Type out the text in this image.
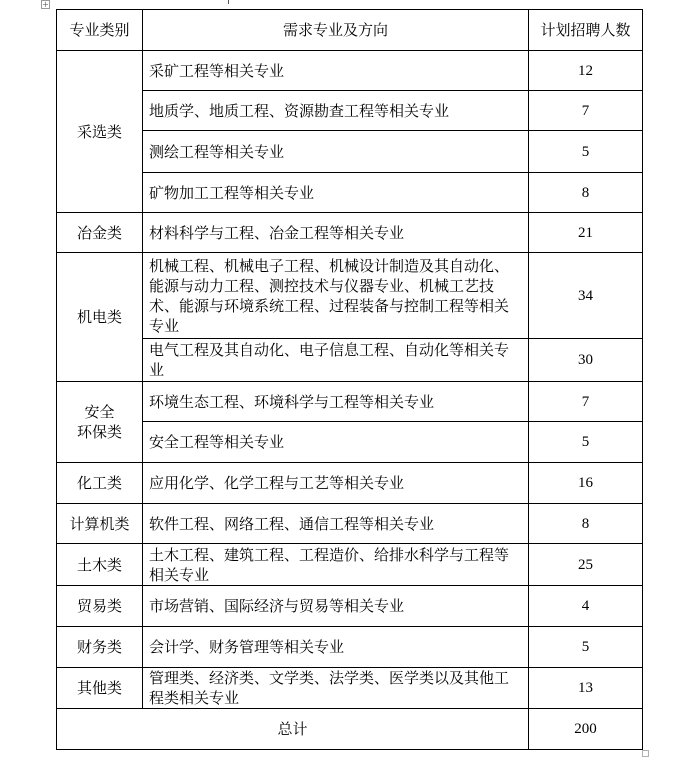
+
专业类别	需求专业及方向	计划招聘人数
采选类	采矿工程等相关专业	12
	地质学、地质工程、资源勘查工程等相关专业	7
	测绘工程等相关专业	5
	矿物加工工程等相关专业	8
冶金类	材料科学与工程、冶金工程等相关专业	21
机电类	机械工程、机械电子工程、机械设计制造及其自动化、能源与动力工程、测控技术与仪器专业、机械工艺技术、能源与环境系统工程、过程装备与控制工程等相关专业	34
	电气工程及其自动化、电子信息工程、自动化等相关专业	30

安全
环保类	环境生态工程、环境科学与工程等相关专业	7
	安全工程等相关专业	5
化工类	应用化学、化学工程与工艺等相关专业	16
计算机类	软件工程、网络工程、通信工程等相关专业	8
土木类	土木工程、建筑工程、工程造价、给排水科学与工程等相关专业	25
贸易类	市场营销、国际经济与贸易等相关专业	4
财务类	会计学、财务管理等相关专业	5
其他类	管理类、经济类、文学类、法学类、医学类以及其他工程类相关专业	13
总计		200
